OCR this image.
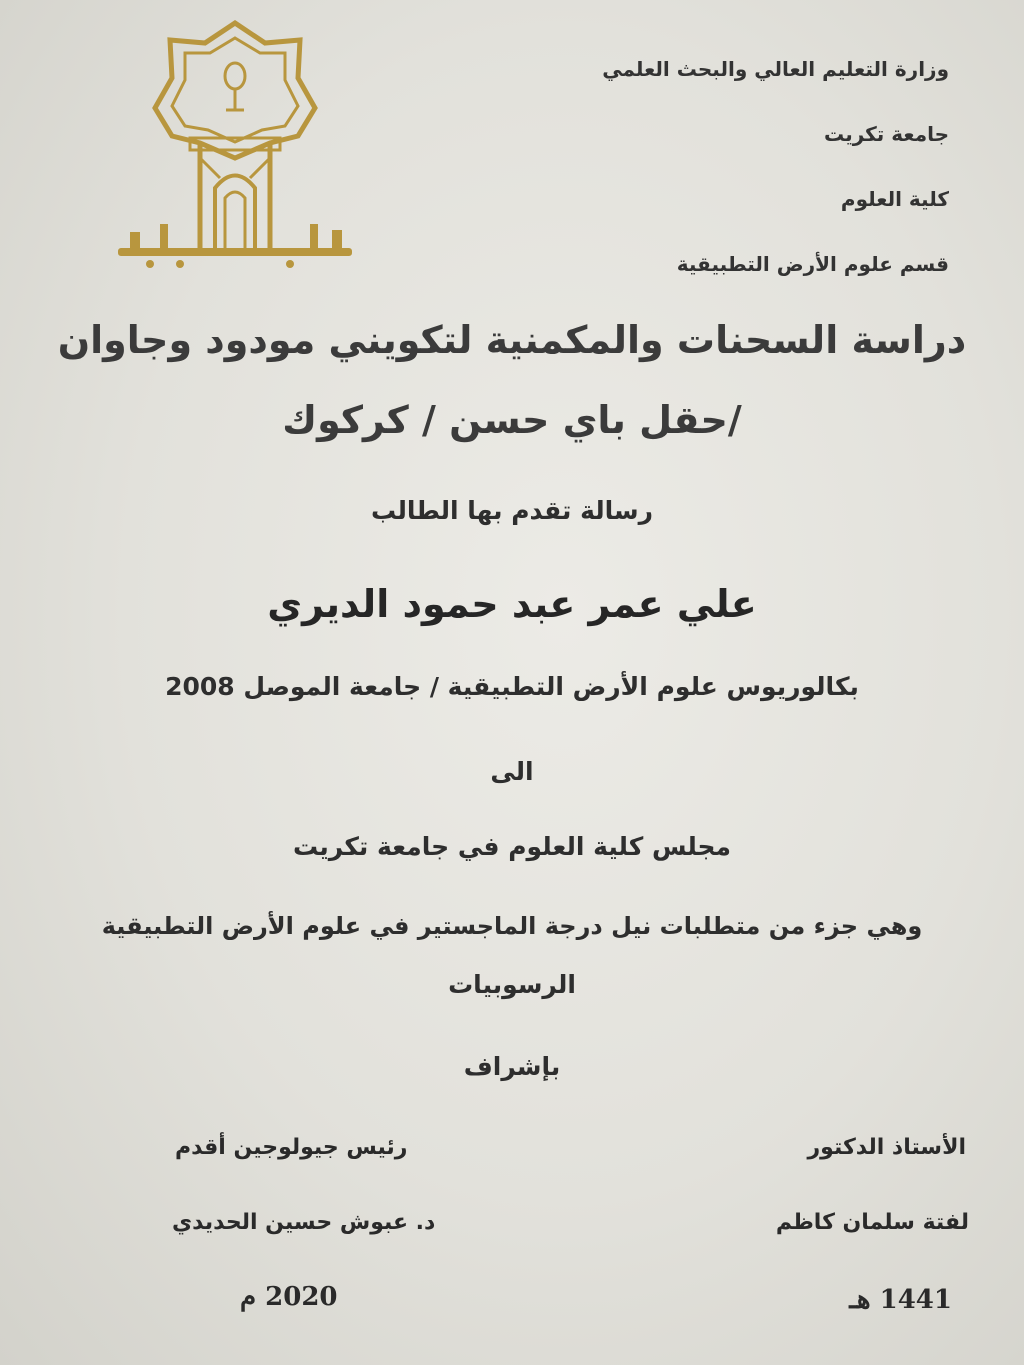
وزارة التعليم العالي والبحث العلمي
جامعة تكريت
كلية العلوم
قسم علوم الأرض التطبيقية
دراسة السحنات والمكمنية لتكويني مودود وجاوان
/حقل باي حسن / كركوك
رسالة تقدم بها الطالب
علي عمر عبد حمود الديري
بكالوريوس علوم الأرض التطبيقية / جامعة الموصل 2008
الى
مجلس كلية العلوم في جامعة تكريت
وهي جزء من متطلبات نيل درجة الماجستير في علوم الأرض التطبيقية
الرسوبيات
بإشراف
الأستاذ الدكتور
لفتة سلمان كاظم
رئيس جيولوجين أقدم
د. عبوش حسين الحديدي
1441 هـ
2020 م
